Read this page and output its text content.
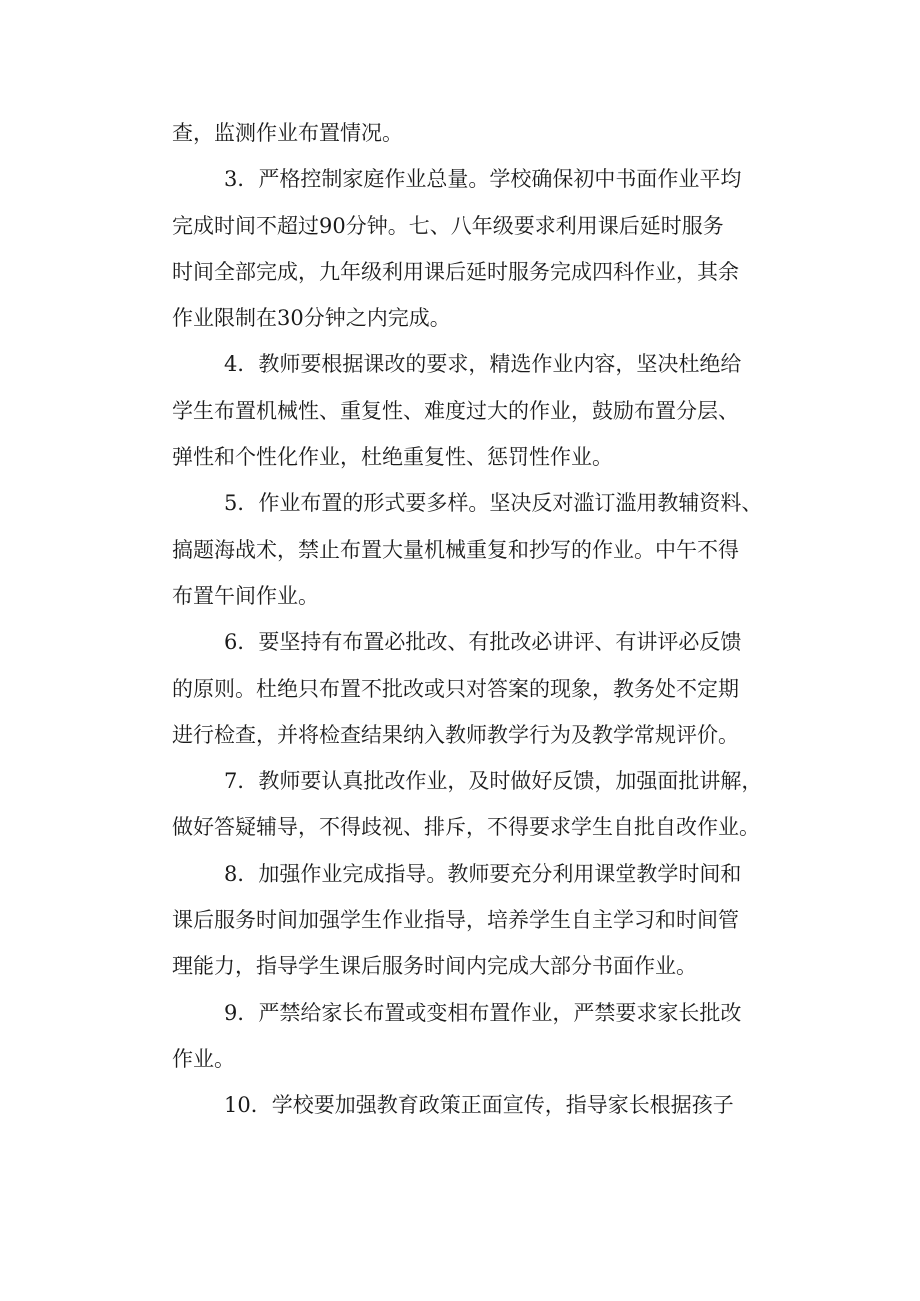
查，监测作业布置情况。
3．严格控制家庭作业总量。学校确保初中书面作业平均
完成时间不超过90分钟。七、八年级要求利用课后延时服务
时间全部完成，九年级利用课后延时服务完成四科作业，其余
作业限制在30分钟之内完成。
4．教师要根据课改的要求，精选作业内容，坚决杜绝给
学生布置机械性、重复性、难度过大的作业，鼓励布置分层、
弹性和个性化作业，杜绝重复性、惩罚性作业。
5．作业布置的形式要多样。坚决反对滥订滥用教辅资料、
搞题海战术，禁止布置大量机械重复和抄写的作业。中午不得
布置午间作业。
6．要坚持有布置必批改、有批改必讲评、有讲评必反馈
的原则。杜绝只布置不批改或只对答案的现象，教务处不定期
进行检查，并将检查结果纳入教师教学行为及教学常规评价。
7．教师要认真批改作业，及时做好反馈，加强面批讲解，
做好答疑辅导，不得歧视、排斥，不得要求学生自批自改作业。
8．加强作业完成指导。教师要充分利用课堂教学时间和
课后服务时间加强学生作业指导，培养学生自主学习和时间管
理能力，指导学生课后服务时间内完成大部分书面作业。
9．严禁给家长布置或变相布置作业，严禁要求家长批改
作业。
10．学校要加强教育政策正面宣传，指导家长根据孩子
